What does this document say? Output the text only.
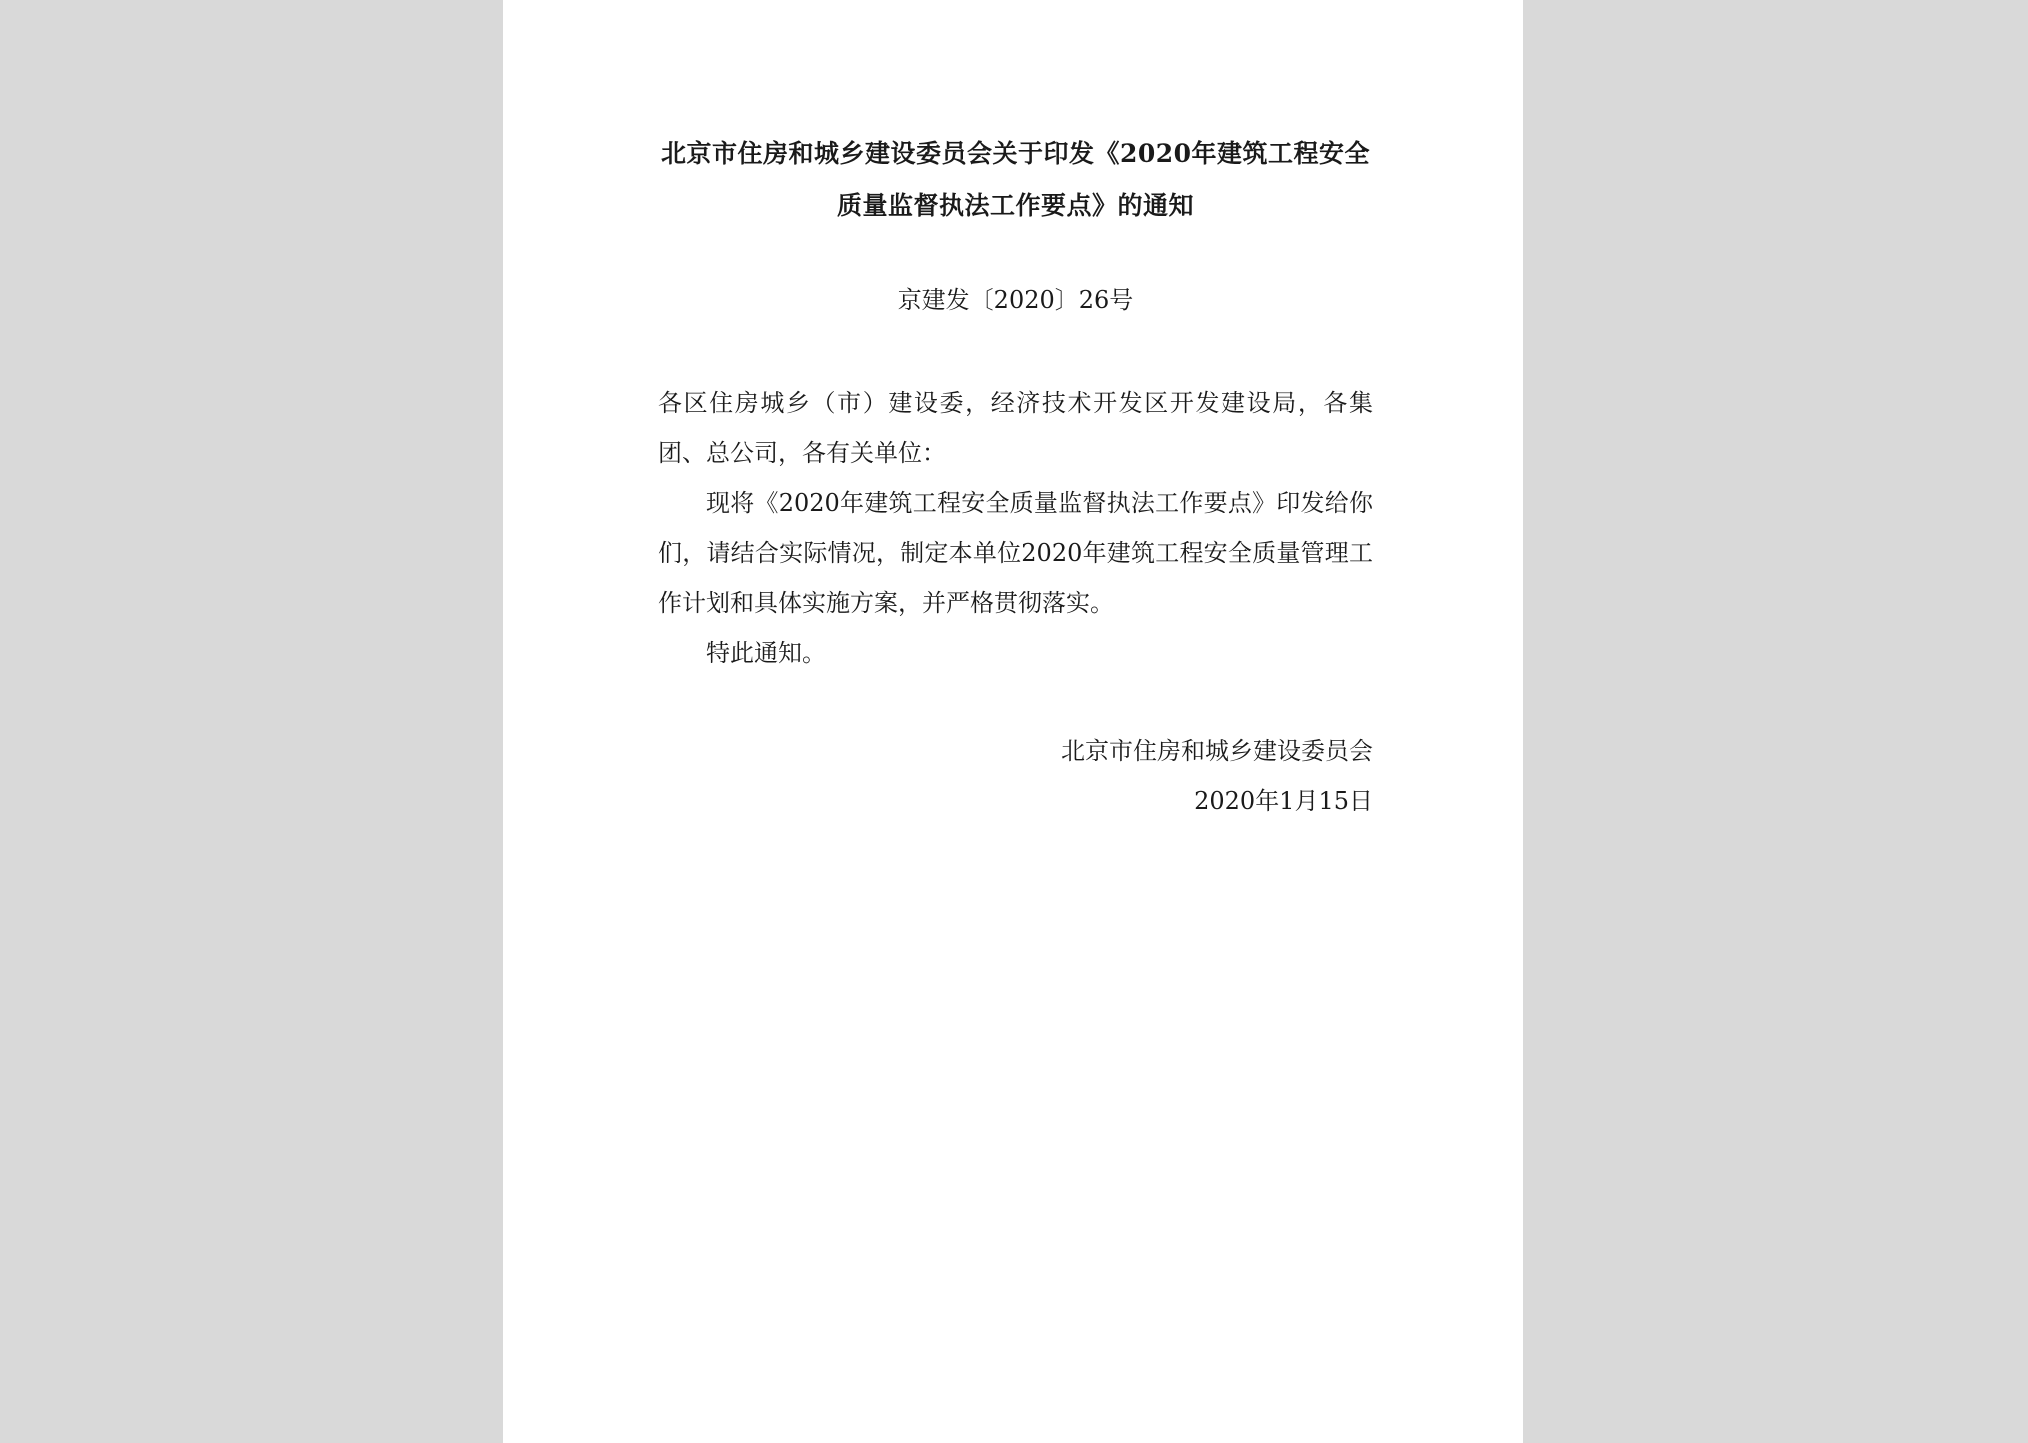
北京市住房和城乡建设委员会关于印发《2020年建筑工程安全
质量监督执法工作要点》的通知
京建发〔2020〕26号

各区住房城乡（市）建设委，经济技术开发区开发建设局，各集团、总公司，各有关单位：

现将《2020年建筑工程安全质量监督执法工作要点》印发给你们，请结合实际情况，制定本单位2020年建筑工程安全质量管理工作计划和具体实施方案，并严格贯彻落实。

特此通知。

北京市住房和城乡建设委员会
2020年1月15日
